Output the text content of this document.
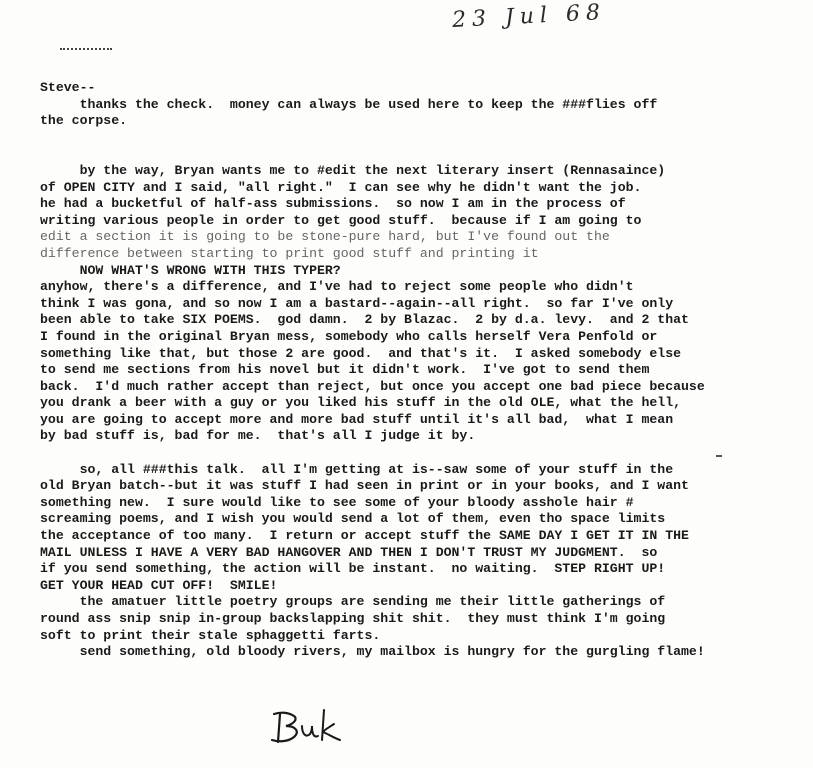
23 Jul 68
Steve--
thanks the check.  money can always be used here to keep the ###flies off
the corpse.
by the way, Bryan wants me to #edit the next literary insert (Rennasaince)
of OPEN CITY and I said, "all right."  I can see why he didn't want the job.
he had a bucketful of half-ass submissions.  so now I am in the process of
writing various people in order to get good stuff.  because if I am going to
edit a section it is going to be stone-pure hard, but I've found out the
difference between starting to print good stuff and printing it
NOW WHAT'S WRONG WITH THIS TYPER?
anyhow, there's a difference, and I've had to reject some people who didn't
think I was gona, and so now I am a bastard--again--all right.  so far I've only
been able to take SIX POEMS.  god damn.  2 by Blazac.  2 by d.a. levy.  and 2 that
I found in the original Bryan mess, somebody who calls herself Vera Penfold or
something like that, but those 2 are good.  and that's it.  I asked somebody else
to send me sections from his novel but it didn't work.  I've got to send them
back.  I'd much rather accept than reject, but once you accept one bad piece because
you drank a beer with a guy or you liked his stuff in the old OLE, what the hell,
you are going to accept more and more bad stuff until it's all bad,  what I mean
by bad stuff is, bad for me.  that's all I judge it by.
so, all ###this talk.  all I'm getting at is--saw some of your stuff in the
old Bryan batch--but it was stuff I had seen in print or in your books, and I want
something new.  I sure would like to see some of your bloody asshole hair #
screaming poems, and I wish you would send a lot of them, even tho space limits
the acceptance of too many.  I return or accept stuff the SAME DAY I GET IT IN THE
MAIL UNLESS I HAVE A VERY BAD HANGOVER AND THEN I DON'T TRUST MY JUDGMENT.  so
if you send something, the action will be instant.  no waiting.  STEP RIGHT UP!
GET YOUR HEAD CUT OFF!  SMILE!
the amatuer little poetry groups are sending me their little gatherings of
round ass snip snip in-group backslapping shit shit.  they must think I'm going
soft to print their stale sphaggetti farts.
send something, old bloody rivers, my mailbox is hungry for the gurgling flame!
